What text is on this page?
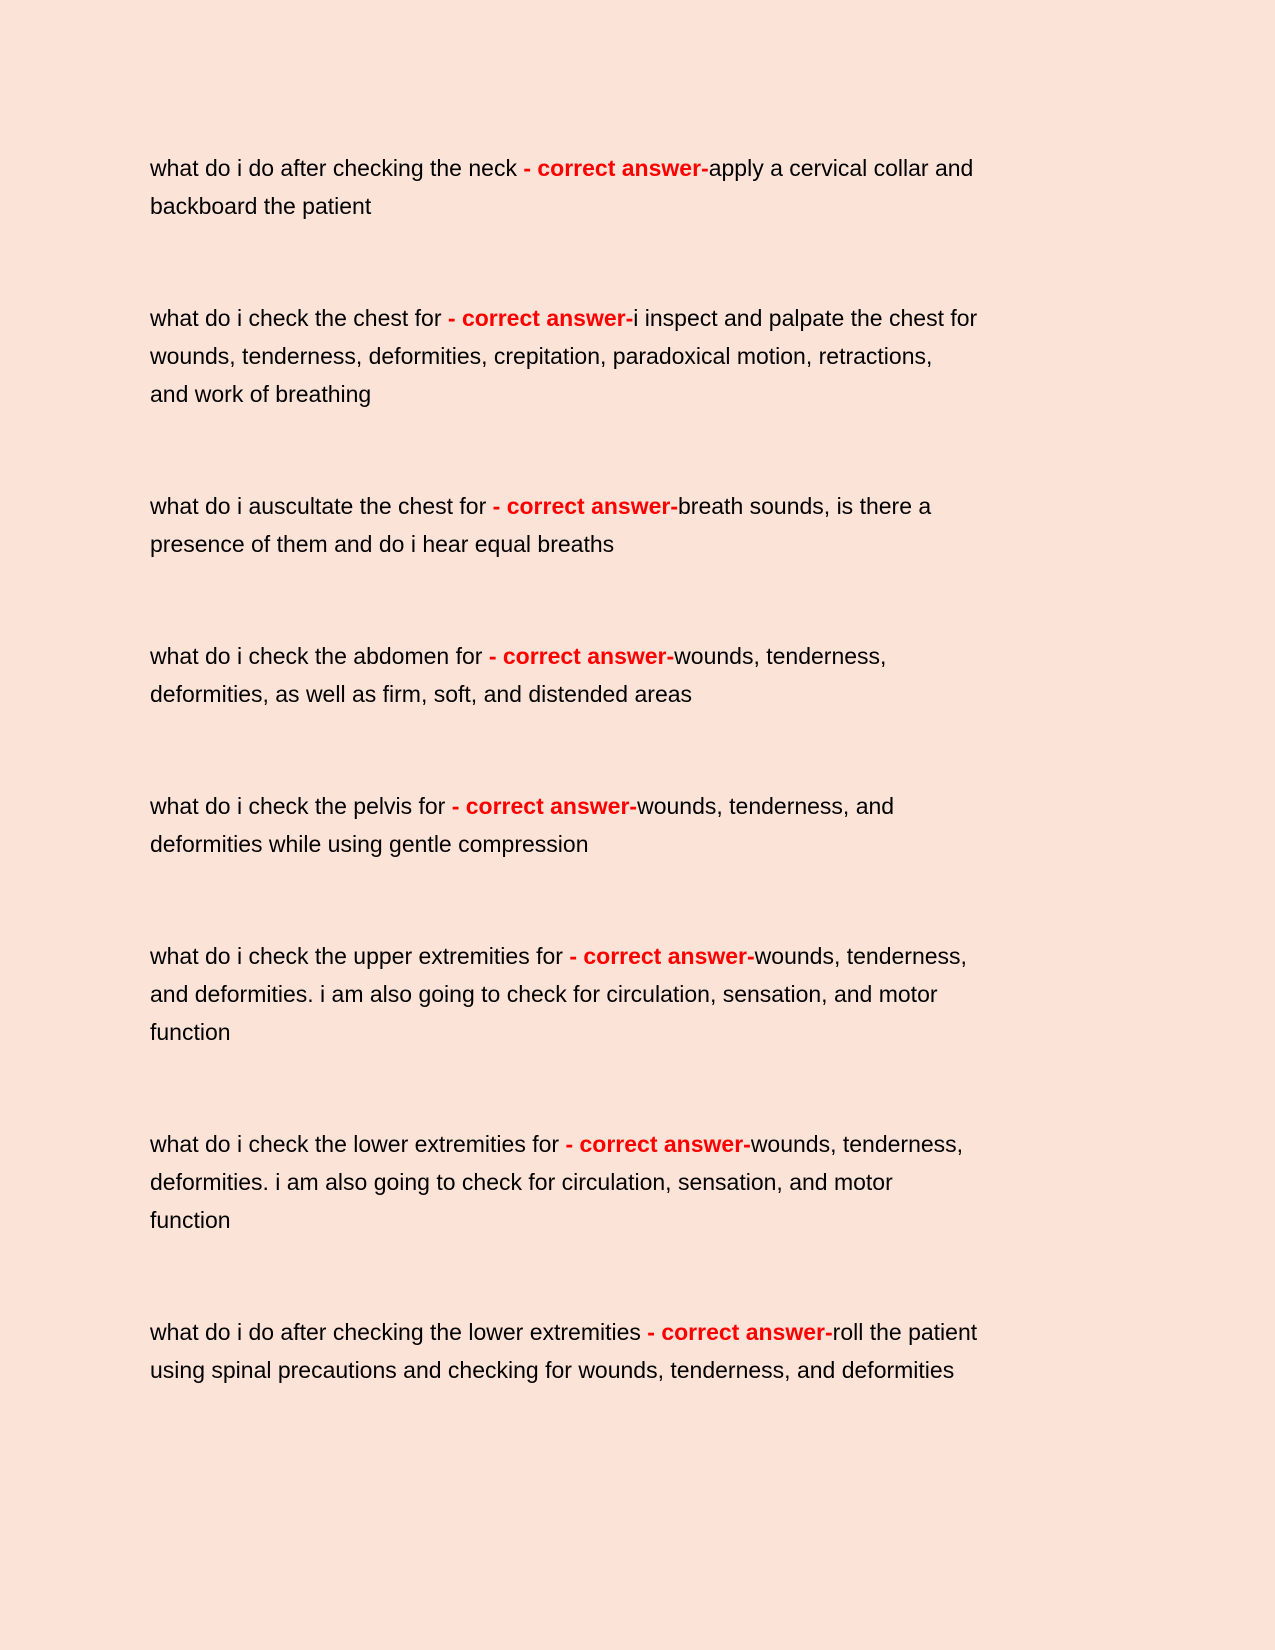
what do i do after checking the neck - correct answer-apply a cervical collar and
backboard the patient
what do i check the chest for - correct answer-i inspect and palpate the chest for
wounds, tenderness, deformities, crepitation, paradoxical motion, retractions,
and work of breathing
what do i auscultate the chest for - correct answer-breath sounds, is there a
presence of them and do i hear equal breaths
what do i check the abdomen for - correct answer-wounds, tenderness,
deformities, as well as firm, soft, and distended areas
what do i check the pelvis for - correct answer-wounds, tenderness, and
deformities while using gentle compression
what do i check the upper extremities for - correct answer-wounds, tenderness,
and deformities. i am also going to check for circulation, sensation, and motor
function
what do i check the lower extremities for - correct answer-wounds, tenderness,
deformities. i am also going to check for circulation, sensation, and motor
function
what do i do after checking the lower extremities - correct answer-roll the patient
using spinal precautions and checking for wounds, tenderness, and deformities
